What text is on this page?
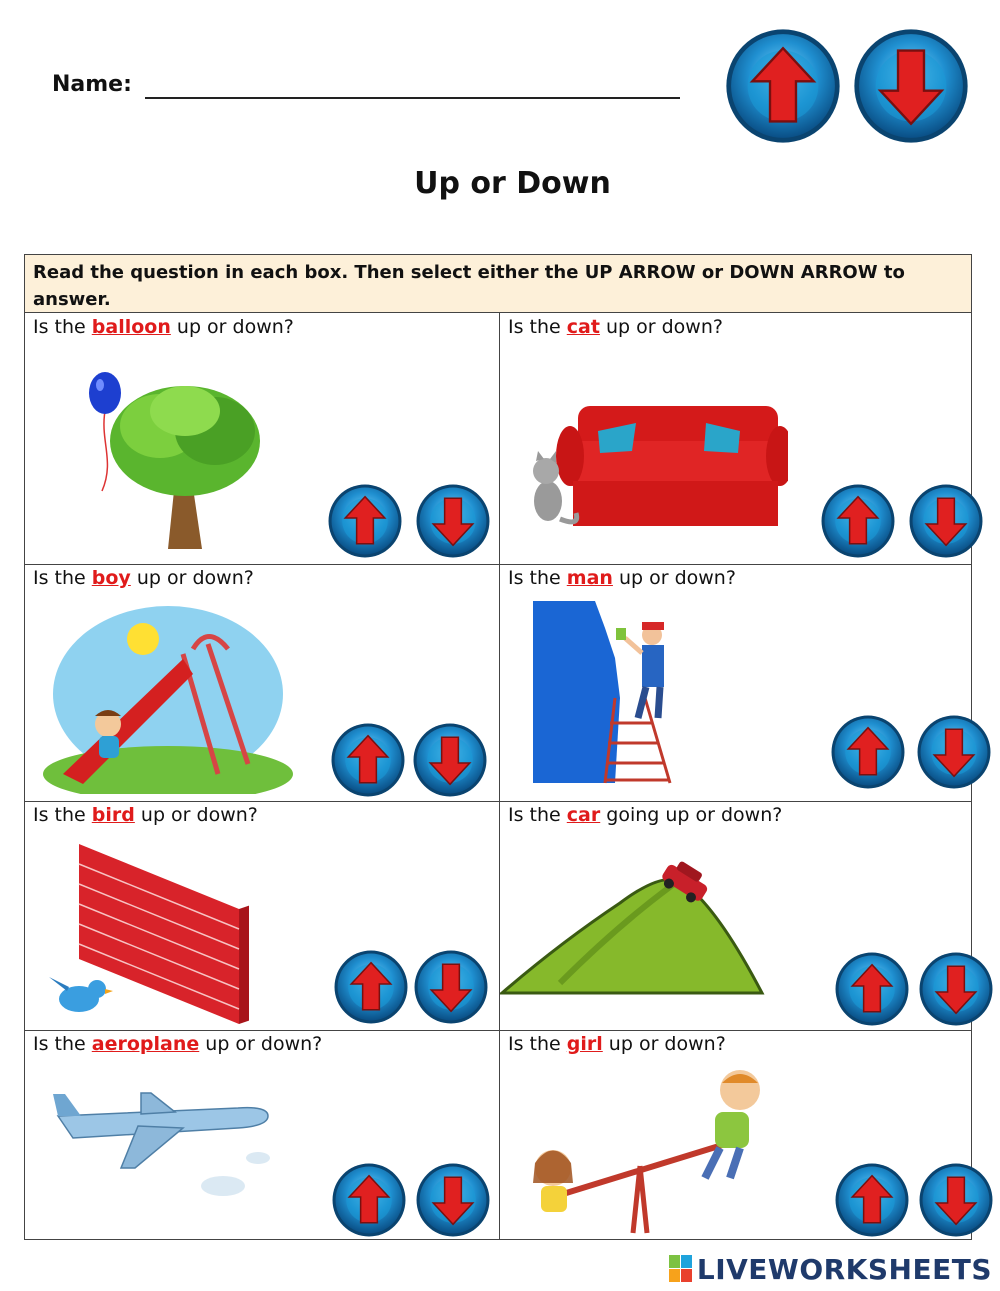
Name:
Up or Down
Read the question in each box. Then select either the UP ARROW or DOWN ARROW to answer.
Is the balloon up or down?	Is the cat up or down?
Is the boy up or down?	Is the man up or down?
Is the bird up or down?	Is the car going up or down?
Is the aeroplane up or down?	Is the girl up or down?
LIVEWORKSHEETS
